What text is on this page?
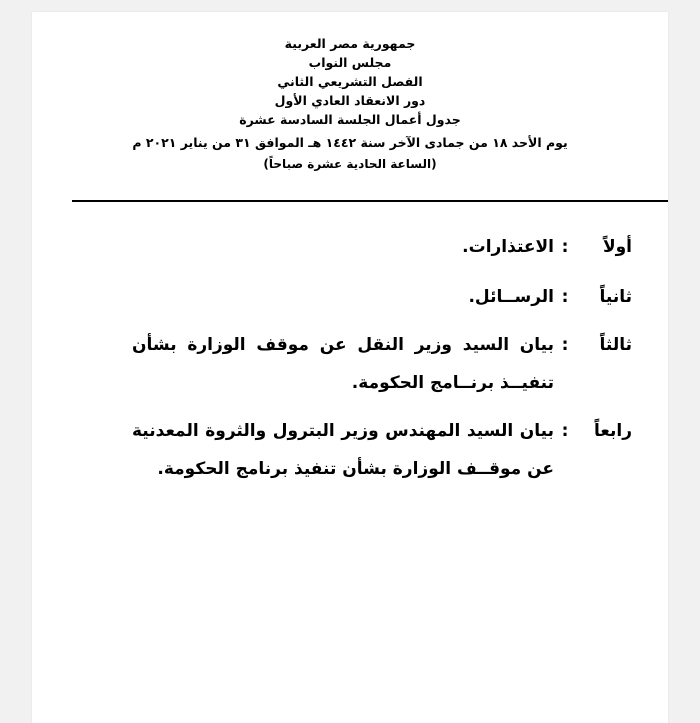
جمهورية مصر العربية
مجلس النواب
الفصل التشريعي الثاني
دور الانعقاد العادي الأول
جدول أعمال الجلسة السادسة عشرة
يوم الأحد ١٨ من جمادى الآخر سنة ١٤٤٢ هـ الموافق ٣١ من يناير ٢٠٢١ م
(الساعة الحادية عشرة صباحاً)
أولاً
:
الاعتذارات.
ثانياً
:
الرســائل.
ثالثاً
:
بيان السيد وزير النقل عن موقف الوزارة بشأن تنفيــذ برنــامج الحكومة.
رابعاً
:
بيان السيد المهندس وزير البترول والثروة المعدنية عن موقــف الوزارة بشأن تنفيذ برنامج الحكومة.
